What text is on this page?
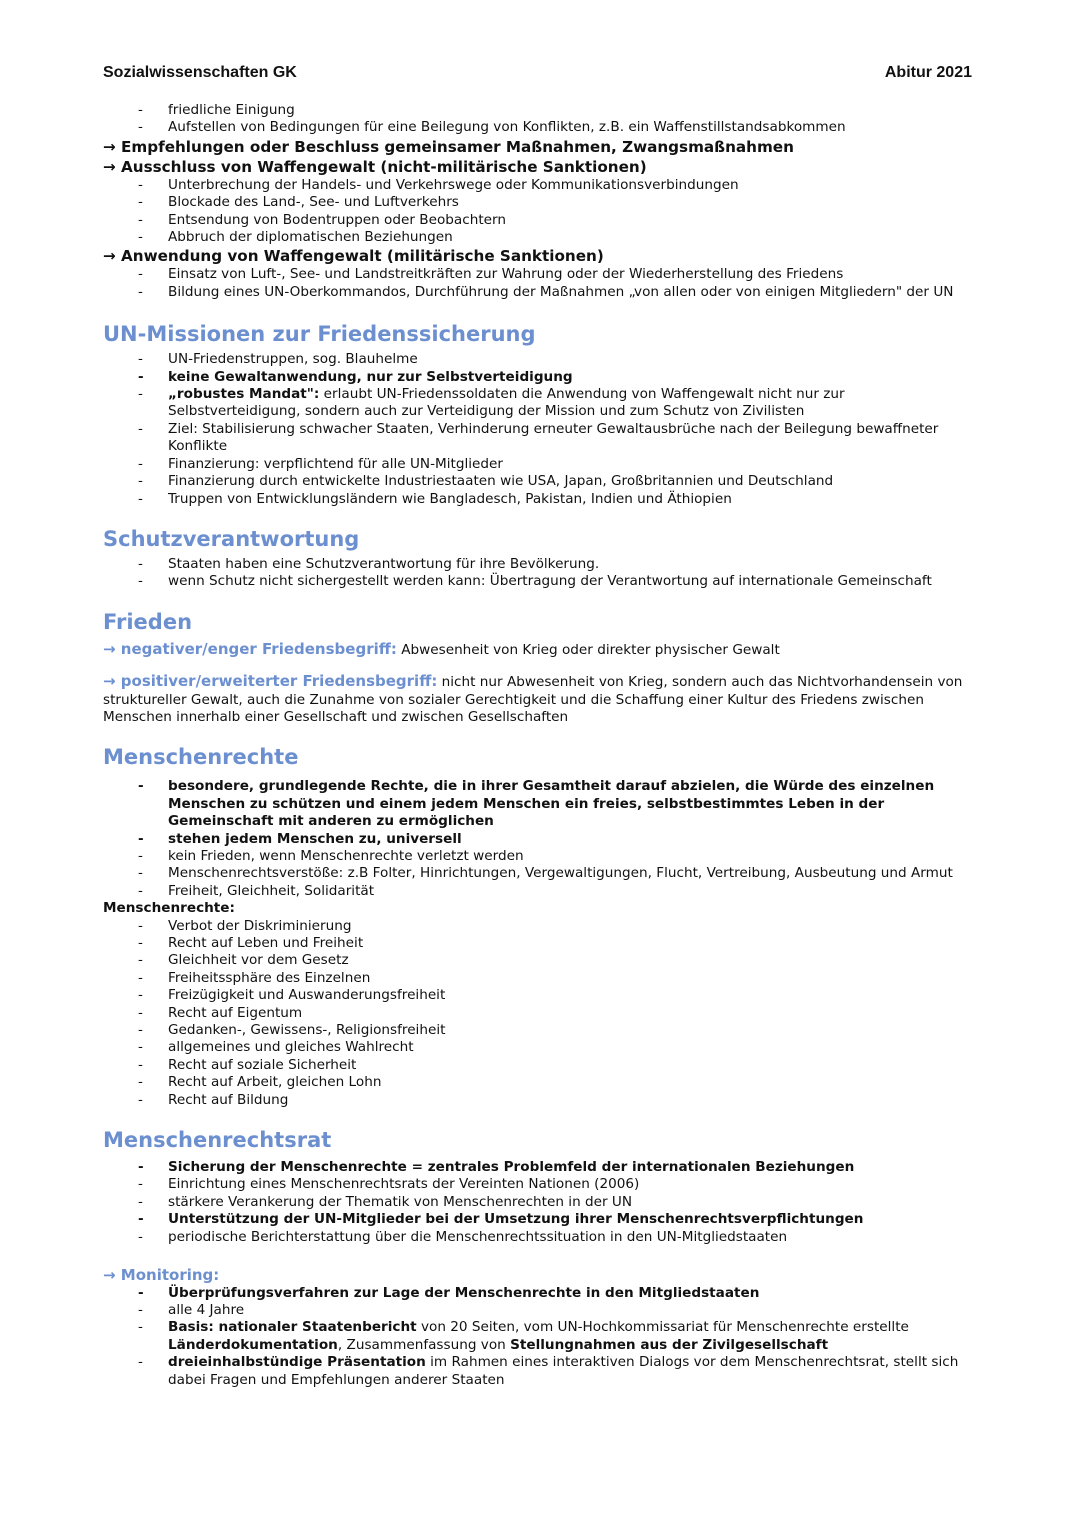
Sozialwissenschaften GK	Abitur 2021
- friedliche Einigung
- Aufstellen von Bedingungen für eine Beilegung von Konflikten, z.B. ein Waffenstillstandsabkommen
→ Empfehlungen oder Beschluss gemeinsamer Maßnahmen, Zwangsmaßnahmen
→ Ausschluss von Waffengewalt (nicht-militärische Sanktionen)
- Unterbrechung der Handels- und Verkehrswege oder Kommunikationsverbindungen
- Blockade des Land-, See- und Luftverkehrs
- Entsendung von Bodentruppen oder Beobachtern
- Abbruch der diplomatischen Beziehungen
→ Anwendung von Waffengewalt (militärische Sanktionen)
- Einsatz von Luft-, See- und Landstreitkräften zur Wahrung oder der Wiederherstellung des Friedens
- Bildung eines UN-Oberkommandos, Durchführung der Maßnahmen „von allen oder von einigen Mitgliedern" der UN
UN-Missionen zur Friedenssicherung
- UN-Friedenstruppen, sog. Blauhelme
- keine Gewaltanwendung, nur zur Selbstverteidigung
- „robustes Mandat": erlaubt UN-Friedenssoldaten die Anwendung von Waffengewalt nicht nur zur Selbstverteidigung, sondern auch zur Verteidigung der Mission und zum Schutz von Zivilisten
- Ziel: Stabilisierung schwacher Staaten, Verhinderung erneuter Gewaltausbrüche nach der Beilegung bewaffneter Konflikte
- Finanzierung: verpflichtend für alle UN-Mitglieder
- Finanzierung durch entwickelte Industriestaaten wie USA, Japan, Großbritannien und Deutschland
- Truppen von Entwicklungsländern wie Bangladesch, Pakistan, Indien und Äthiopien
Schutzverantwortung
- Staaten haben eine Schutzverantwortung für ihre Bevölkerung.
- wenn Schutz nicht sichergestellt werden kann: Übertragung der Verantwortung auf internationale Gemeinschaft
Frieden

→ negativer/enger Friedensbegriff: Abwesenheit von Krieg oder direkter physischer Gewalt

→ positiver/erweiterter Friedensbegriff: nicht nur Abwesenheit von Krieg, sondern auch das Nichtvorhandensein von struktureller Gewalt, auch die Zunahme von sozialer Gerechtigkeit und die Schaffung einer Kultur des Friedens zwischen Menschen innerhalb einer Gesellschaft und zwischen Gesellschaften

Menschenrechte
- besondere, grundlegende Rechte, die in ihrer Gesamtheit darauf abzielen, die Würde des einzelnen Menschen zu schützen und einem jedem Menschen ein freies, selbstbestimmtes Leben in der Gemeinschaft mit anderen zu ermöglichen
- stehen jedem Menschen zu, universell
- kein Frieden, wenn Menschenrechte verletzt werden
- Menschenrechtsverstöße: z.B Folter, Hinrichtungen, Vergewaltigungen, Flucht, Vertreibung, Ausbeutung und Armut
- Freiheit, Gleichheit, Solidarität
Menschenrechte:
- Verbot der Diskriminierung
- Recht auf Leben und Freiheit
- Gleichheit vor dem Gesetz
- Freiheitssphäre des Einzelnen
- Freizügigkeit und Auswanderungsfreiheit
- Recht auf Eigentum
- Gedanken-, Gewissens-, Religionsfreiheit
- allgemeines und gleiches Wahlrecht
- Recht auf soziale Sicherheit
- Recht auf Arbeit, gleichen Lohn
- Recht auf Bildung
Menschenrechtsrat
- Sicherung der Menschenrechte = zentrales Problemfeld der internationalen Beziehungen
- Einrichtung eines Menschenrechtsrats der Vereinten Nationen (2006)
- stärkere Verankerung der Thematik von Menschenrechten in der UN
- Unterstützung der UN-Mitglieder bei der Umsetzung ihrer Menschenrechtsverpflichtungen
- periodische Berichterstattung über die Menschenrechtssituation in den UN-Mitgliedstaaten
→ Monitoring:
- Überprüfungsverfahren zur Lage der Menschenrechte in den Mitgliedstaaten
- alle 4 Jahre
- Basis: nationaler Staatenbericht von 20 Seiten, vom UN-Hochkommissariat für Menschenrechte erstellte Länderdokumentation, Zusammenfassung von Stellungnahmen aus der Zivilgesellschaft
- dreieinhalbstündige Präsentation im Rahmen eines interaktiven Dialogs vor dem Menschenrechtsrat, stellt sich dabei Fragen und Empfehlungen anderer Staaten
